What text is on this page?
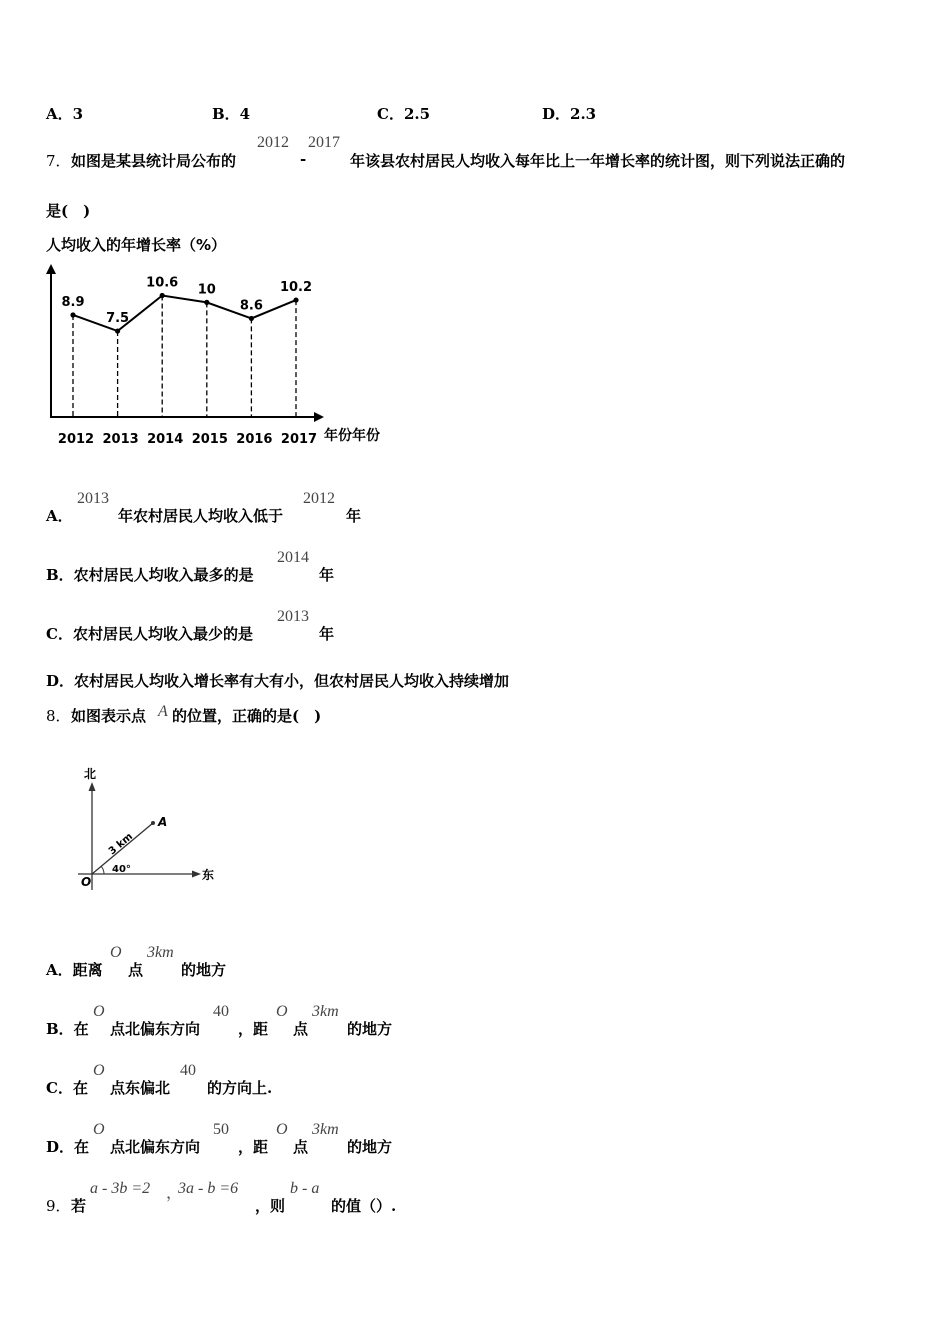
A．3	B．4	C．2.5	D．2.3
7． 如图是某县统计局公布的
2012
-
2017
年该县农村居民人均收入每年比上一年增长率的统计图，则下列说法正确的
是(　)
人均收入的年增长率（%）
年份年份
8.9
2012
7.5
2013
10.6
2014
10
2015
8.6
2016
10.2
2017
A．
2013
年农村居民人均收入低于
2012
年
B．农村居民人均收入最多的是
2014
年
C．农村居民人均收入最少的是
2013
年
D．农村居民人均收入增长率有大有小，但农村居民人均收入持续增加
8． 如图表示点 A 的位置，正确的是(　)
北
东
O
A
3 km
40°
A．距离
O
点
3km
的地方
B．在
O
点北偏东方向
40
，距
O
点
3km
的地方
C．在
O
点东偏北
40
的方向上.
D．在
O
点北偏东方向
50
，距
O
点
3km
的地方
9． 若
a - 3b =2 ，
3a - b =6
，则
b - a
的值（）.
